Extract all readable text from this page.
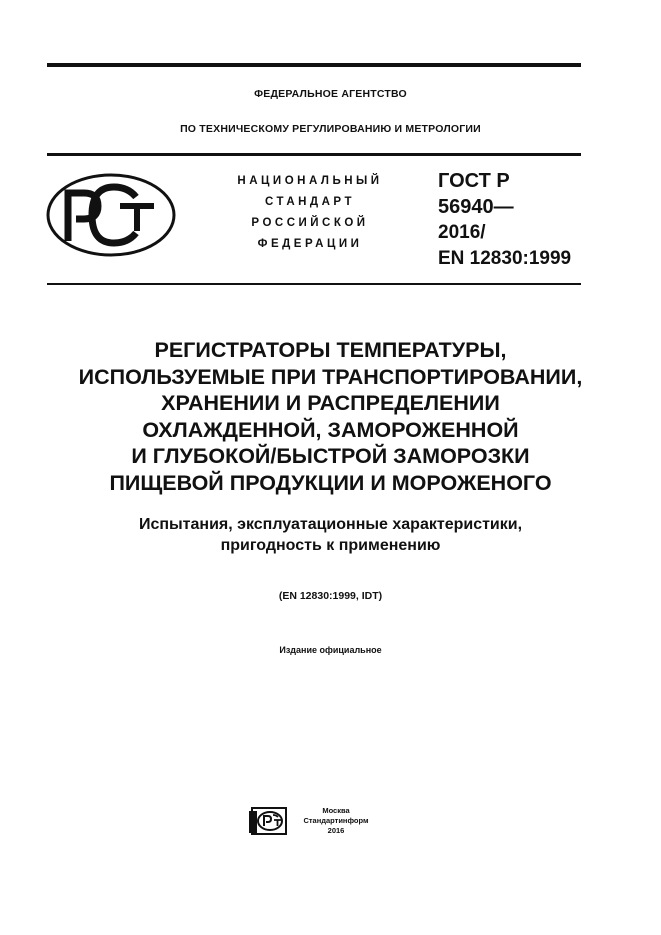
ФЕДЕРАЛЬНОЕ АГЕНТСТВО
ПО ТЕХНИЧЕСКОМУ РЕГУЛИРОВАНИЮ И МЕТРОЛОГИИ
НАЦИОНАЛЬНЫЙ
СТАНДАРТ
РОССИЙСКОЙ
ФЕДЕРАЦИИ
ГОСТ Р
56940—
2016/
EN 12830:1999
РЕГИСТРАТОРЫ ТЕМПЕРАТУРЫ,
ИСПОЛЬЗУЕМЫЕ ПРИ ТРАНСПОРТИРОВАНИИ,
ХРАНЕНИИ И РАСПРЕДЕЛЕНИИ
ОХЛАЖДЕННОЙ, ЗАМОРОЖЕННОЙ
И ГЛУБОКОЙ/БЫСТРОЙ ЗАМОРОЗКИ
ПИЩЕВОЙ ПРОДУКЦИИ И МОРОЖЕНОГО
Испытания, эксплуатационные характеристики,
пригодность к применению
(EN 12830:1999, IDT)
Издание официальное
Москва
Стандартинформ
2016
